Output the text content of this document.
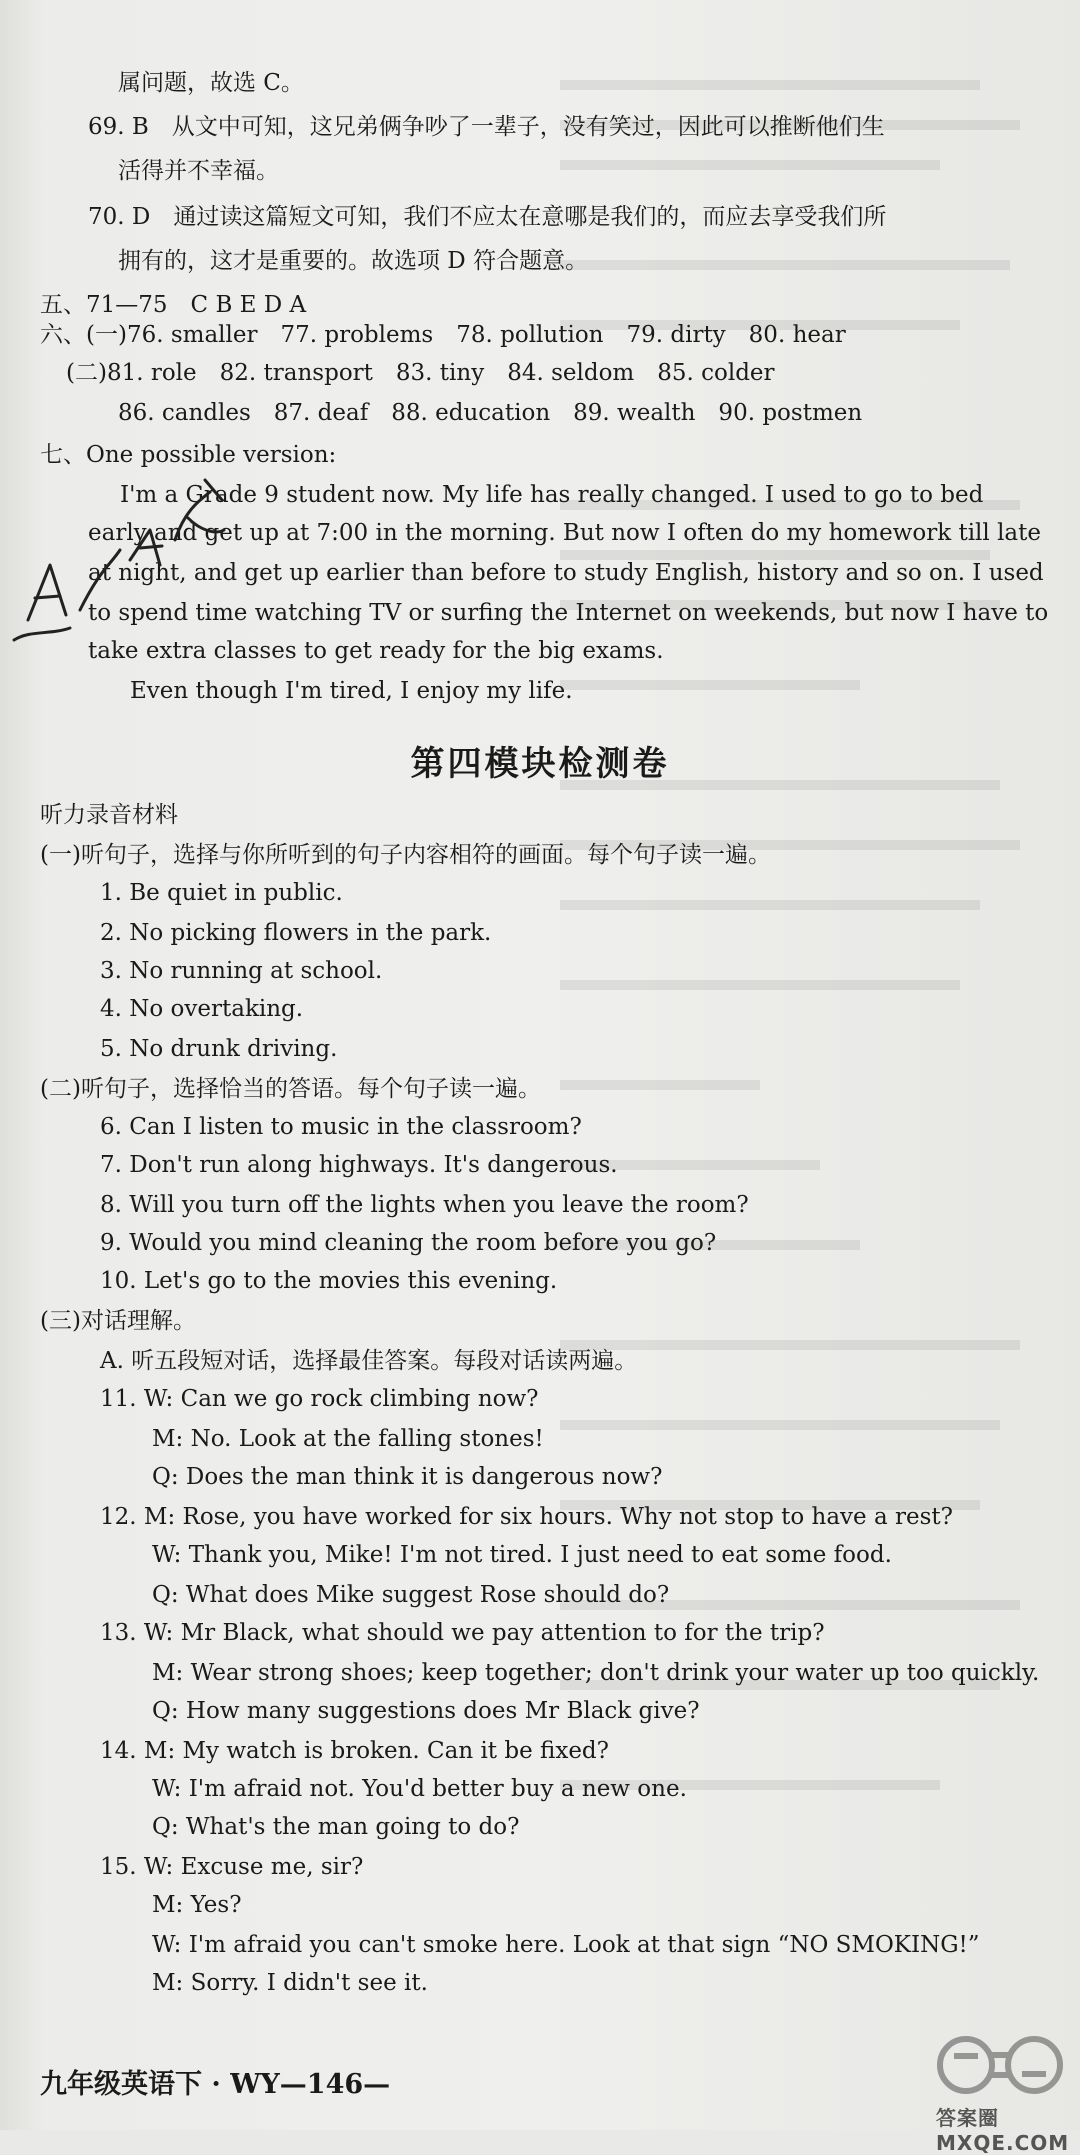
属问题，故选 C。
69. B　从文中可知，这兄弟俩争吵了一辈子，没有笑过，因此可以推断他们生
活得并不幸福。
70. D　通过读这篇短文可知，我们不应太在意哪是我们的，而应去享受我们所
拥有的，这才是重要的。故选项 D 符合题意。
五、71—75　C B E D A
六、(一)76. smaller　77. problems　78. pollution　79. dirty　80. hear
(二)81. role　82. transport　83. tiny　84. seldom　85. colder
86. candles　87. deaf　88. education　89. wealth　90. postmen
七、One possible version:
I'm a Grade 9 student now. My life has really changed. I used to go to bed
early and get up at 7:00 in the morning. But now I often do my homework till late
at night, and get up earlier than before to study English, history and so on. I used
to spend time watching TV or surfing the Internet on weekends, but now I have to
take extra classes to get ready for the big exams.
Even though I'm tired, I enjoy my life.
第四模块检测卷
听力录音材料
(一)听句子，选择与你所听到的句子内容相符的画面。每个句子读一遍。
1. Be quiet in public.
2. No picking flowers in the park.
3. No running at school.
4. No overtaking.
5. No drunk driving.
(二)听句子，选择恰当的答语。每个句子读一遍。
6. Can I listen to music in the classroom?
7. Don't run along highways. It's dangerous.
8. Will you turn off the lights when you leave the room?
9. Would you mind cleaning the room before you go?
10. Let's go to the movies this evening.
(三)对话理解。
A. 听五段短对话，选择最佳答案。每段对话读两遍。
11. W: Can we go rock climbing now?
M: No. Look at the falling stones!
Q: Does the man think it is dangerous now?
12. M: Rose, you have worked for six hours. Why not stop to have a rest?
W: Thank you, Mike! I'm not tired. I just need to eat some food.
Q: What does Mike suggest Rose should do?
13. W: Mr Black, what should we pay attention to for the trip?
M: Wear strong shoes; keep together; don't drink your water up too quickly.
Q: How many suggestions does Mr Black give?
14. M: My watch is broken. Can it be fixed?
W: I'm afraid not. You'd better buy a new one.
Q: What's the man going to do?
15. W: Excuse me, sir?
M: Yes?
W: I'm afraid you can't smoke here. Look at that sign “NO SMOKING!”
M: Sorry. I didn't see it.
九年级英语下 · WY—146—
答案圈 MXQE.COM
